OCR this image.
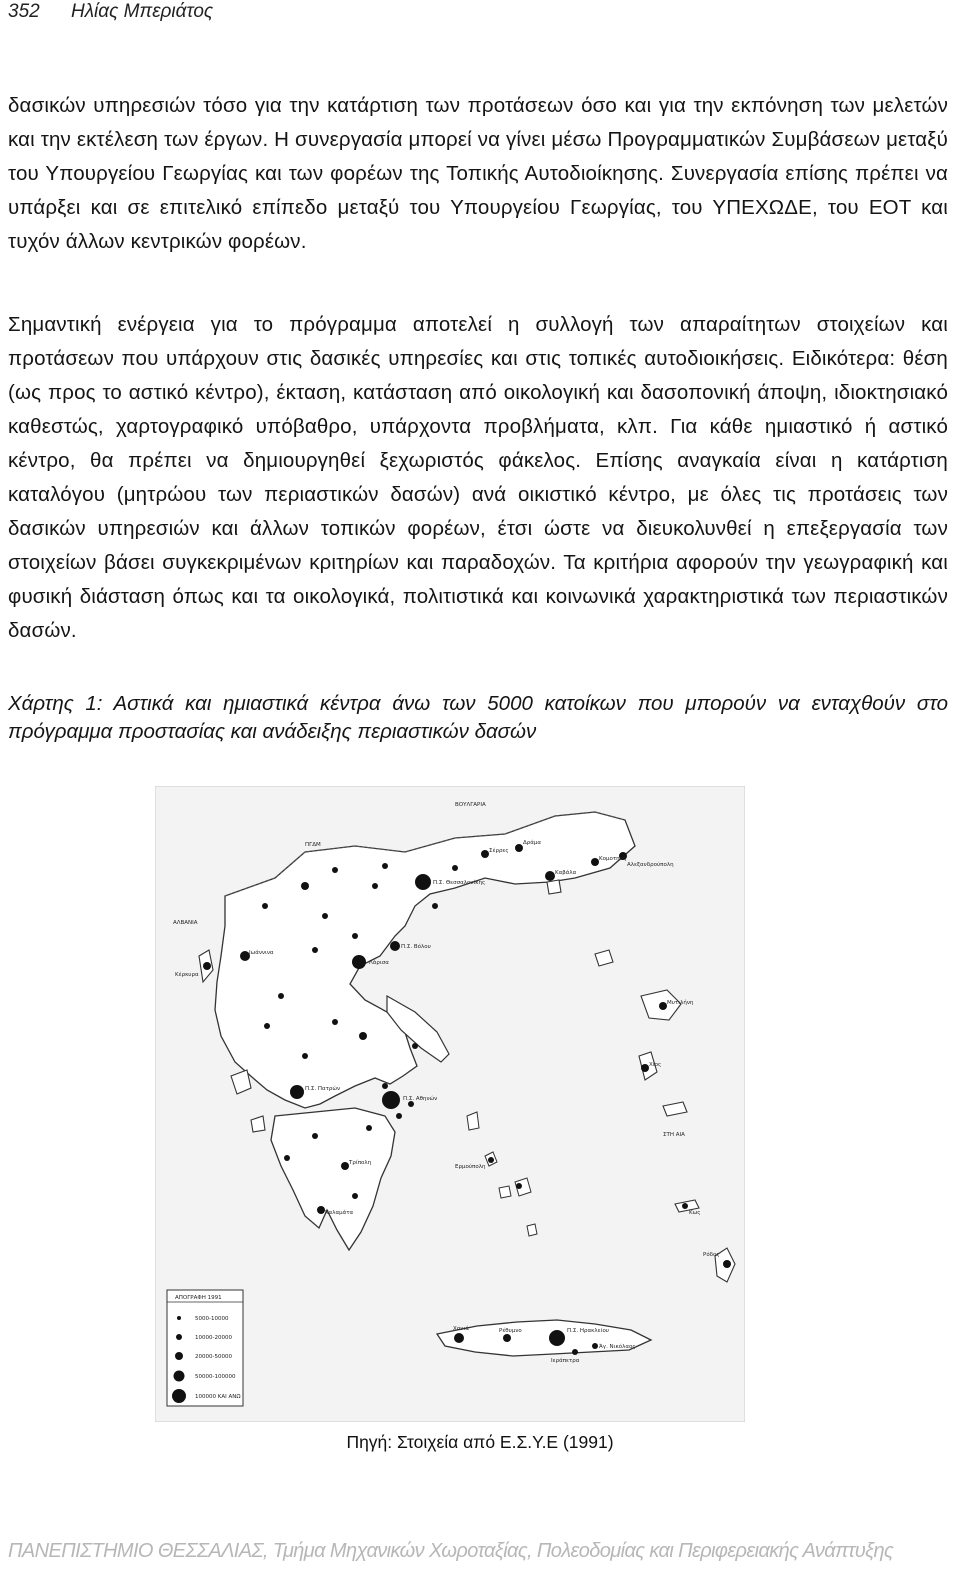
352 Ηλίας Μπεριάτος
δασικών υπηρεσιών τόσο για την κατάρτιση των προτάσεων όσο και για την εκπόνηση των μελετών και την εκτέλεση των έργων. Η συνεργασία μπορεί να γίνει μέσω Προγραμματικών Συμβάσεων μεταξύ του Υπουργείου Γεωργίας και των φορέων της Τοπικής Αυτοδιοίκησης. Συνεργασία επίσης πρέπει να υπάρξει και σε επιτελικό επίπεδο μεταξύ του Υπουργείου Γεωργίας, του ΥΠΕΧΩΔΕ, του ΕΟΤ και τυχόν άλλων κεντρικών φορέων.
Σημαντική ενέργεια για το πρόγραμμα αποτελεί η συλλογή των απαραίτητων στοιχείων και προτάσεων που υπάρχουν στις δασικές υπηρεσίες και στις τοπικές αυτοδιοικήσεις. Ειδικότερα: θέση (ως προς το αστικό κέντρο), έκταση, κατάσταση από οικολογική και δασοπονική άποψη, ιδιοκτησιακό καθεστώς, χαρτογραφικό υπόβαθρο, υπάρχοντα προβλήματα, κλπ. Για κάθε ημιαστικό ή αστικό κέντρο, θα πρέπει να δημιουργηθεί ξεχωριστός φάκελος. Επίσης αναγκαία είναι η κατάρτιση καταλόγου (μητρώου των περιαστικών δασών) ανά οικιστικό κέντρο, με όλες τις προτάσεις των δασικών υπηρεσιών και άλλων τοπικών φορέων, έτσι ώστε να διευκολυνθεί η επεξεργασία των στοιχείων βάσει συγκεκριμένων κριτηρίων και παραδοχών. Τα κριτήρια αφορούν την γεωγραφική και φυσική διάσταση όπως και τα οικολογικά, πολιτιστικά και κοινωνικά χαρακτηριστικά των περιαστικών δασών.
Χάρτης 1: Αστικά και ημιαστικά κέντρα άνω των 5000 κατοίκων που μπορούν να ενταχθούν στο πρόγραμμα προστασίας και ανάδειξης περιαστικών δασών
ΒΟΥΛΓΑΡΙΑ
ΠΓΔΜ
ΑΛΒΑΝΙΑ
ΣΤΗ ΑΙΑ
Π.Σ. Θεσσαλονίκης
Π.Σ. Βόλου
Λάρισα
Ιωάννινα
Π.Σ. Πατρών
Π.Σ. Αθηνών
Καβάλα
Κομοτηνή
Αλεξανδρούπολη
Σέρρες
Δράμα
Κέρκυρα
Μυτιλήνη
Χίος
Τρίπολη
Καλαμάτα
Ερμούπολη
Χανιά	Ρέθυμνο	Π.Σ. Ηρακλείου
Άγ. Νικόλαος
Ιεράπετρα
Ρόδος
Κως
ΑΠΟΓΡΑΦΗ 1991
5000-10000
10000-20000
20000-50000
50000-100000
100000 ΚΑΙ ΑΝΩ
Πηγή: Στοιχεία από Ε.Σ.Υ.Ε (1991)
ΠΑΝΕΠΙΣΤΗΜΙΟ ΘΕΣΣΑΛΙΑΣ, Τμήμα Μηχανικών Χωροταξίας, Πολεοδομίας και Περιφερειακής Ανάπτυξης
